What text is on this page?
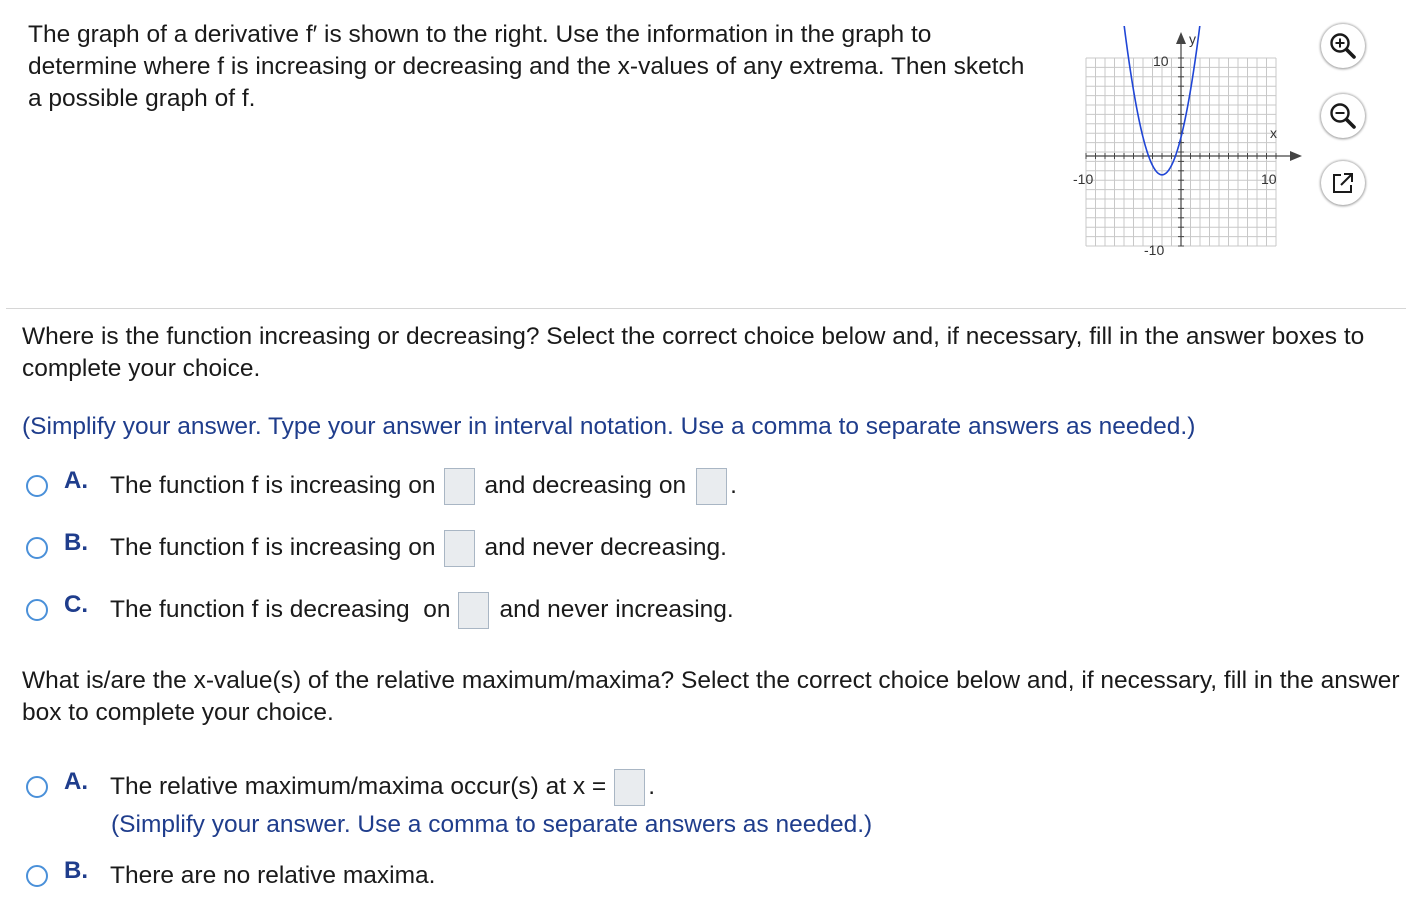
The graph of a derivative f′ is shown to the right. Use the information in the graph to determine where f is increasing or decreasing and the x-values of any extrema. Then sketch a possible graph of f.

y
x
10
-10
-10	10

Where is the function increasing or decreasing? Select the correct choice below and, if necessary, fill in the answer boxes to complete your choice.

(Simplify your answer. Type your answer in interval notation. Use a comma to separate answers as needed.)

A. The function f is increasing on and decreasing on .
B. The function f is increasing on and never decreasing.
C. The function f is decreasing  on and never increasing.

What is/are the x-value(s) of the relative maximum/maxima? Select the correct choice below and, if necessary, fill in the answer box to complete your choice.

A. The relative maximum/maxima occur(s) at x = .

(Simplify your answer. Use a comma to separate answers as needed.)

B. There are no relative maxima.
